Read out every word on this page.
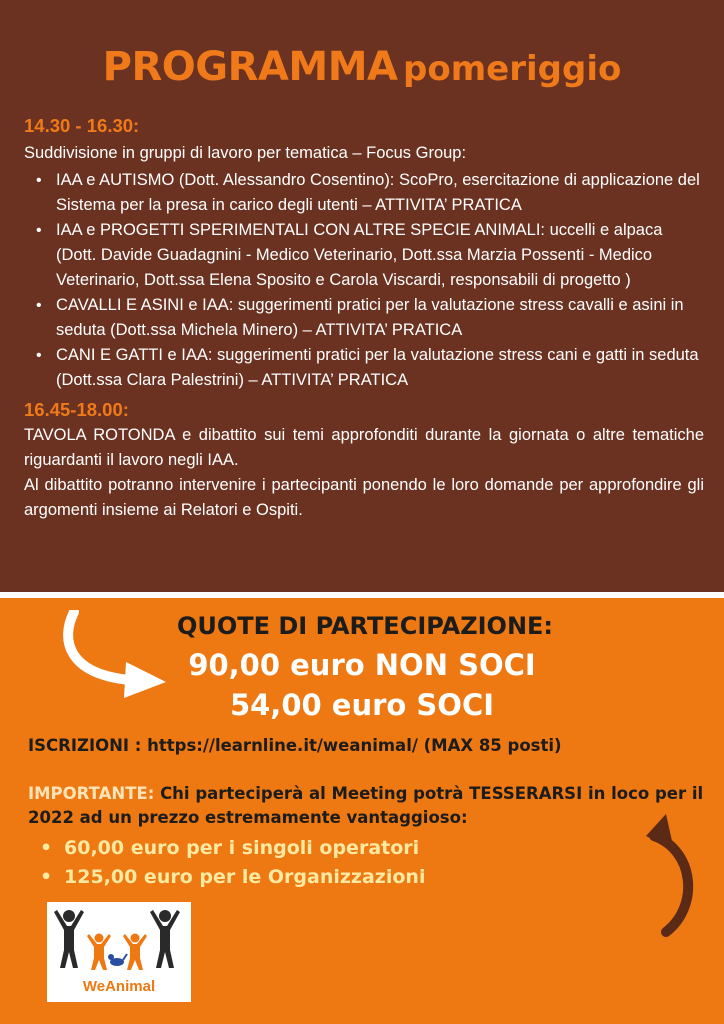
PROGRAMMA pomeriggio
14.30 - 16.30:
Suddivisione in gruppi di lavoro per tematica – Focus Group:
• IAA e AUTISMO (Dott. Alessandro Cosentino): ScoPro, esercitazione di applicazione del Sistema per la presa in carico degli utenti – ATTIVITA’ PRATICA
• IAA e PROGETTI SPERIMENTALI CON ALTRE SPECIE ANIMALI: uccelli e alpaca (Dott. Davide Guadagnini - Medico Veterinario, Dott.ssa Marzia Possenti - Medico Veterinario, Dott.ssa Elena Sposito e Carola Viscardi, responsabili di progetto )
• CAVALLI E ASINI e IAA: suggerimenti pratici per la valutazione stress cavalli e asini in seduta (Dott.ssa Michela Minero) – ATTIVITA’ PRATICA
• CANI E GATTI e IAA: suggerimenti pratici per la valutazione stress cani e gatti in seduta (Dott.ssa Clara Palestrini) – ATTIVITA’ PRATICA
16.45-18.00:
TAVOLA ROTONDA e dibattito sui temi approfonditi durante la giornata o altre tematiche riguardanti il lavoro negli IAA.
Al dibattito potranno intervenire i partecipanti ponendo le loro domande per approfondire gli argomenti insieme ai Relatori e Ospiti.
QUOTE DI PARTECIPAZIONE:
90,00 euro NON SOCI
54,00 euro SOCI
ISCRIZIONI : https://learnline.it/weanimal/ (MAX 85 posti)
IMPORTANTE: Chi parteciperà al Meeting potrà TESSERARSI in loco per il 2022 ad un prezzo estremamente vantaggioso:
• 60,00 euro per i singoli operatori
• 125,00 euro per le Organizzazioni
WeAnimal
